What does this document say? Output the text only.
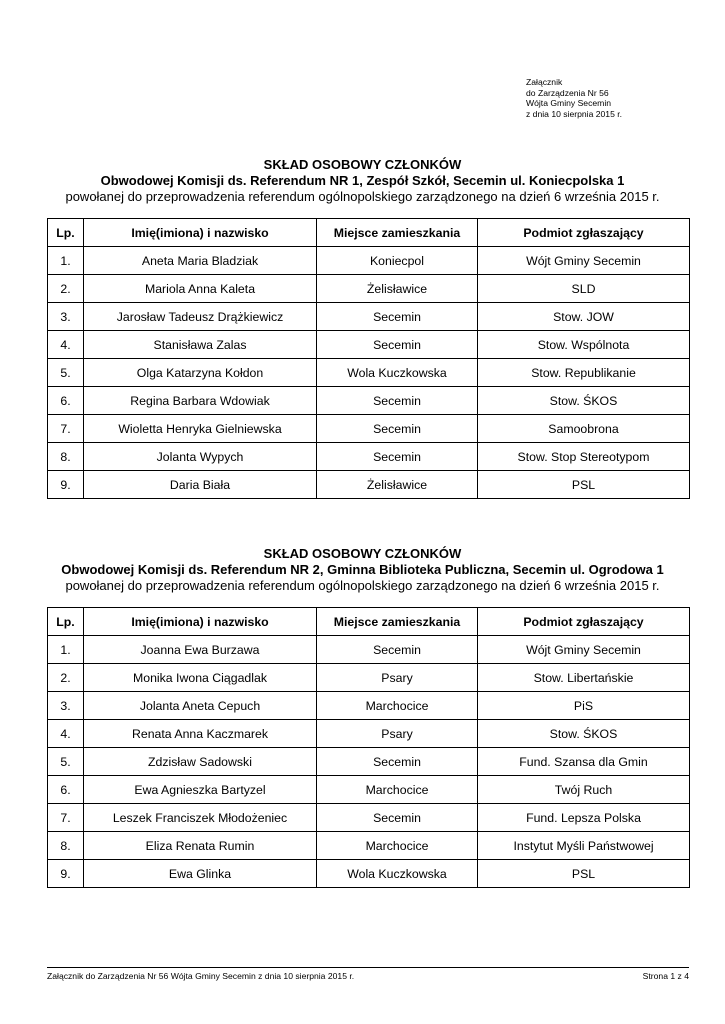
Załącznik
do Zarządzenia Nr 56
Wójta Gminy Secemin
z dnia 10 sierpnia 2015 r.
SKŁAD OSOBOWY CZŁONKÓW
Obwodowej Komisji ds. Referendum NR 1, Zespół Szkół, Secemin ul. Koniecpolska 1
powołanej do przeprowadzenia referendum ogólnopolskiego zarządzonego na dzień 6 września 2015 r.
Lp.	Imię(imiona) i nazwisko	Miejsce zamieszkania	Podmiot zgłaszający
1.	Aneta Maria Bladziak	Koniecpol	Wójt Gminy Secemin
2.	Mariola Anna Kaleta	Żelisławice	SLD
3.	Jarosław Tadeusz Drążkiewicz	Secemin	Stow. JOW
4.	Stanisława Zalas	Secemin	Stow. Wspólnota
5.	Olga Katarzyna Kołdon	Wola Kuczkowska	Stow. Republikanie
6.	Regina Barbara Wdowiak	Secemin	Stow. ŚKOS
7.	Wioletta Henryka Gielniewska	Secemin	Samoobrona
8.	Jolanta Wypych	Secemin	Stow. Stop Stereotypom
9.	Daria Biała	Żelisławice	PSL
SKŁAD OSOBOWY CZŁONKÓW
Obwodowej Komisji ds. Referendum NR 2, Gminna Biblioteka Publiczna, Secemin ul. Ogrodowa 1
powołanej do przeprowadzenia referendum ogólnopolskiego zarządzonego na dzień 6 września 2015 r.
Lp.	Imię(imiona) i nazwisko	Miejsce zamieszkania	Podmiot zgłaszający
1.	Joanna Ewa Burzawa	Secemin	Wójt Gminy Secemin
2.	Monika Iwona Ciągadlak	Psary	Stow. Libertańskie
3.	Jolanta Aneta Cepuch	Marchocice	PiS
4.	Renata Anna Kaczmarek	Psary	Stow. ŚKOS
5.	Zdzisław Sadowski	Secemin	Fund. Szansa dla Gmin
6.	Ewa Agnieszka Bartyzel	Marchocice	Twój Ruch
7.	Leszek Franciszek Młodożeniec	Secemin	Fund. Lepsza Polska
8.	Eliza Renata Rumin	Marchocice	Instytut Myśli Państwowej
9.	Ewa Glinka	Wola Kuczkowska	PSL
Załącznik do Zarządzenia Nr 56 Wójta Gminy Secemin z dnia 10 sierpnia 2015 r.	Strona 1 z 4
